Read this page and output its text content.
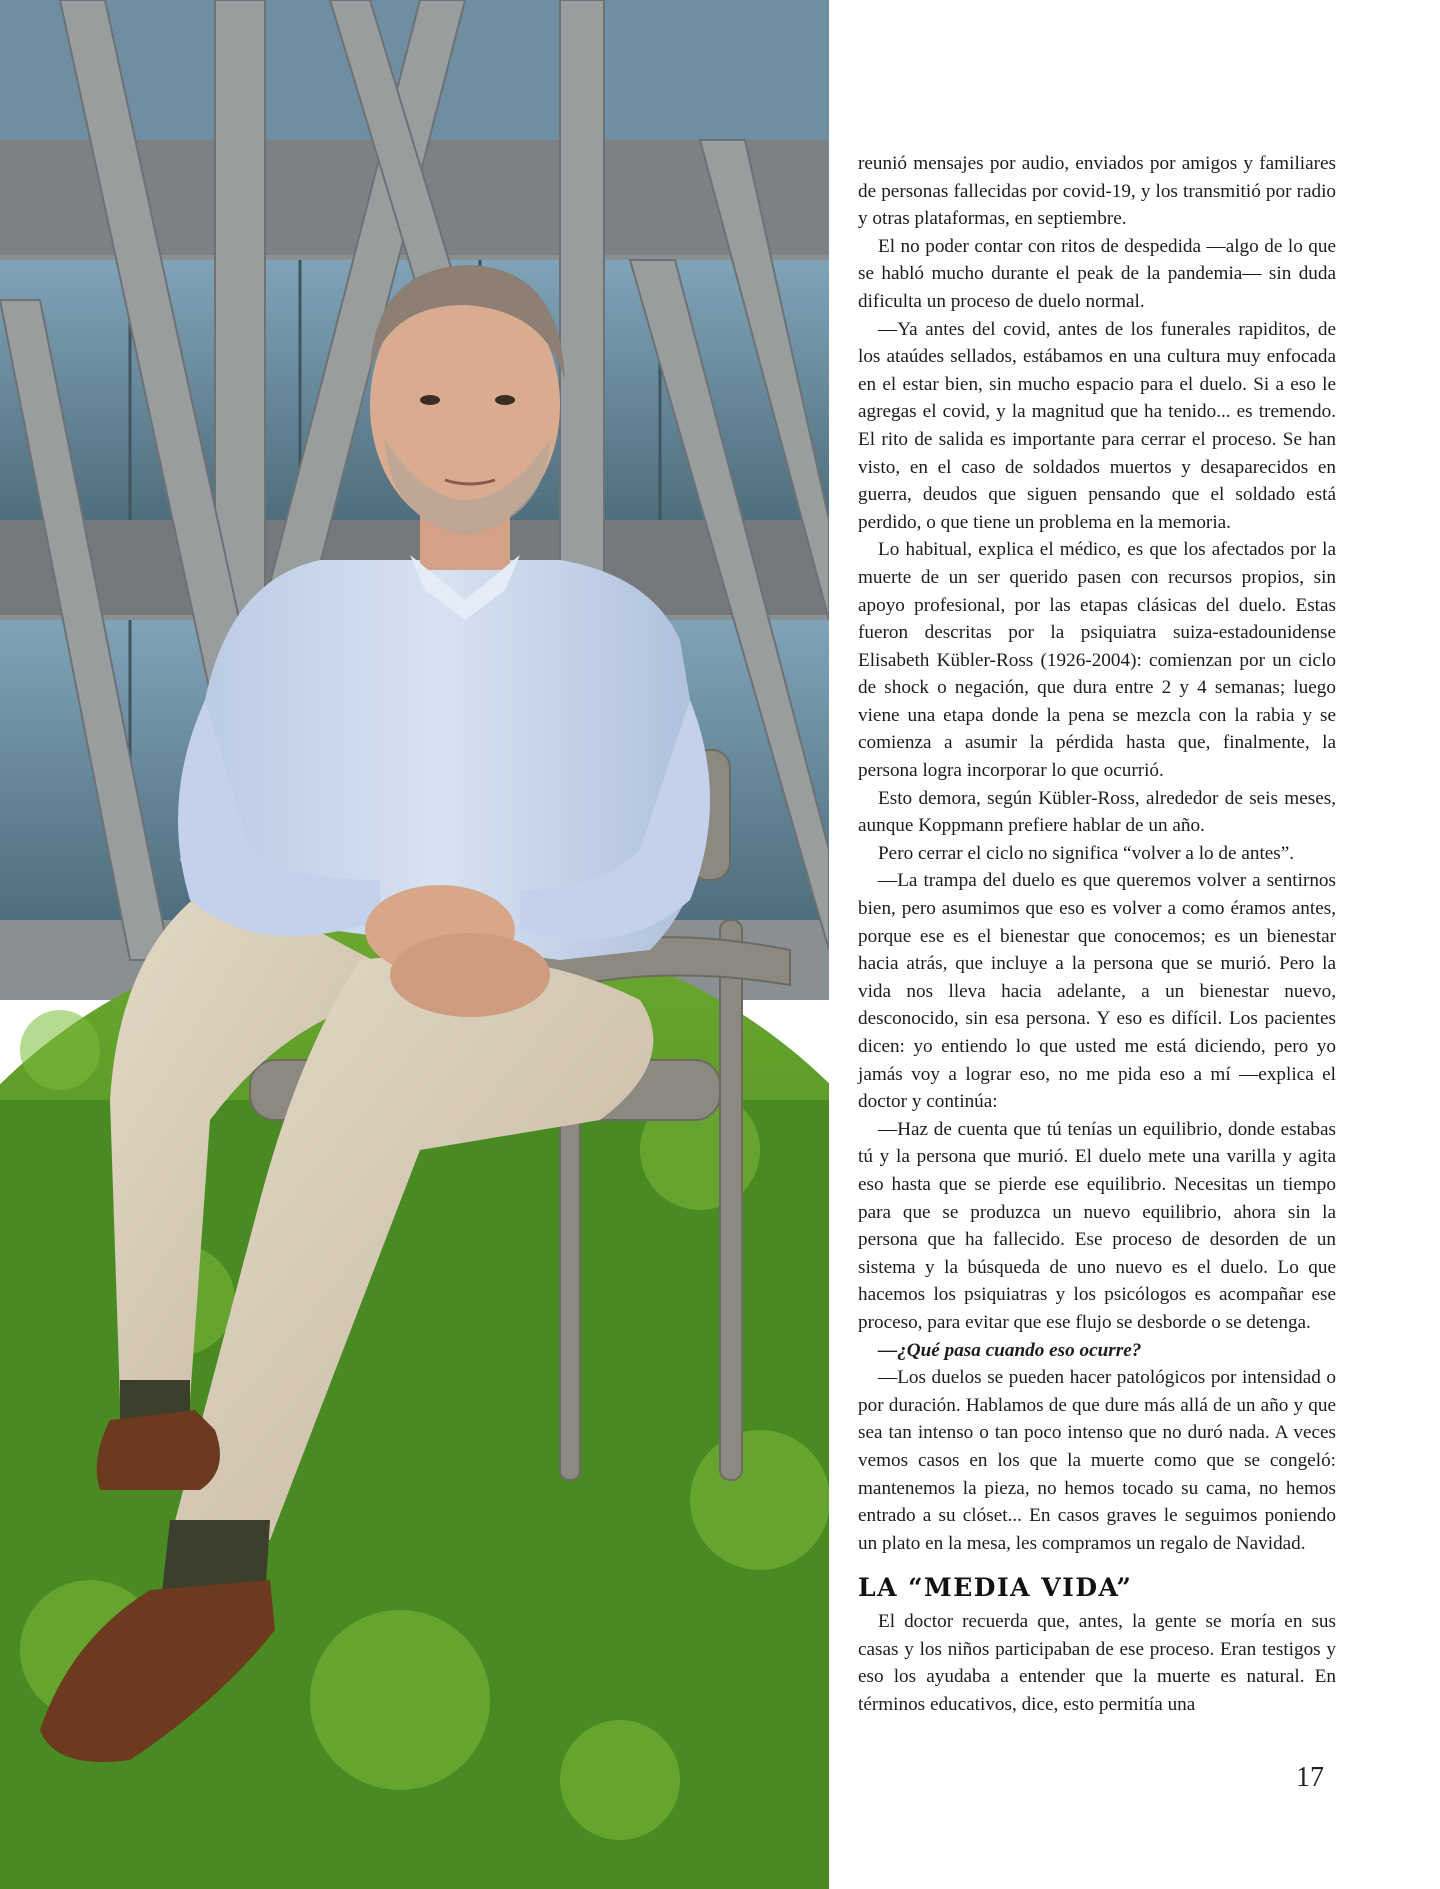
reunió mensajes por audio, enviados por amigos y familiares de personas fallecidas por covid-19, y los transmitió por radio y otras plataformas, en septiembre.

El no poder contar con ritos de despedida —algo de lo que se habló mucho durante el peak de la pandemia— sin duda dificulta un proceso de duelo normal.

—Ya antes del covid, antes de los funerales rapiditos, de los ataúdes sellados, estábamos en una cultura muy enfocada en el estar bien, sin mucho espacio para el duelo. Si a eso le agregas el covid, y la magnitud que ha tenido... es tremendo. El rito de salida es importante para cerrar el proceso. Se han visto, en el caso de soldados muertos y desaparecidos en guerra, deudos que siguen pensando que el soldado está perdido, o que tiene un problema en la memoria.

Lo habitual, explica el médico, es que los afectados por la muerte de un ser querido pasen con recursos propios, sin apoyo profesional, por las etapas clásicas del duelo. Estas fueron descritas por la psiquiatra suiza-estadounidense Elisabeth Kübler-Ross (1926-2004): comienzan por un ciclo de shock o negación, que dura entre 2 y 4 semanas; luego viene una etapa donde la pena se mezcla con la rabia y se comienza a asumir la pérdida hasta que, finalmente, la persona logra incorporar lo que ocurrió.

Esto demora, según Kübler-Ross, alrededor de seis meses, aunque Koppmann prefiere hablar de un año.

Pero cerrar el ciclo no significa “volver a lo de antes”.

—La trampa del duelo es que queremos volver a sentirnos bien, pero asumimos que eso es volver a como éramos antes, porque ese es el bienestar que conocemos; es un bienestar hacia atrás, que incluye a la persona que se murió. Pero la vida nos lleva hacia adelante, a un bienestar nuevo, desconocido, sin esa persona. Y eso es difícil. Los pacientes dicen: yo entiendo lo que usted me está diciendo, pero yo jamás voy a lograr eso, no me pida eso a mí —explica el doctor y continúa:

—Haz de cuenta que tú tenías un equilibrio, donde estabas tú y la persona que murió. El duelo mete una varilla y agita eso hasta que se pierde ese equilibrio. Necesitas un tiempo para que se produzca un nuevo equilibrio, ahora sin la persona que ha fallecido. Ese proceso de desorden de un sistema y la búsqueda de uno nuevo es el duelo. Lo que hacemos los psiquiatras y los psicólogos es acompañar ese proceso, para evitar que ese flujo se desborde o se detenga.

—¿Qué pasa cuando eso ocurre?

—Los duelos se pueden hacer patológicos por intensidad o por duración. Hablamos de que dure más allá de un año y que sea tan intenso o tan poco intenso que no duró nada. A veces vemos casos en los que la muerte como que se congeló: mantenemos la pieza, no hemos tocado su cama, no hemos entrado a su clóset... En casos graves le seguimos poniendo un plato en la mesa, les compramos un regalo de Navidad.

LA “MEDIA VIDA”

El doctor recuerda que, antes, la gente se moría en sus casas y los niños participaban de ese proceso. Eran testigos y eso los ayudaba a entender que la muerte es natural. En términos educativos, dice, esto permitía una

17
